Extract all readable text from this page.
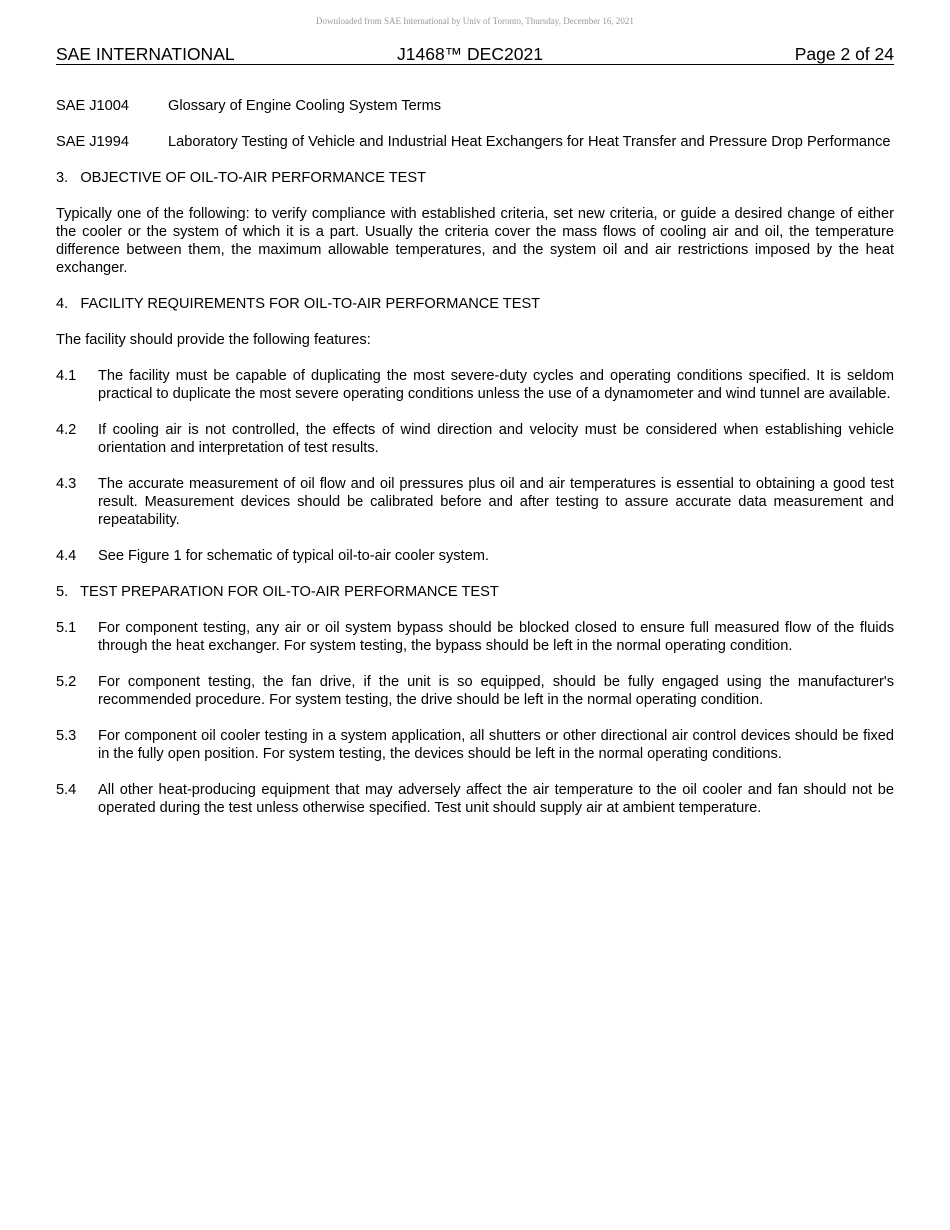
Downloaded from SAE International by Univ of Toronto, Thursday, December 16, 2021
SAE INTERNATIONAL	J1468™ DEC2021	Page 2 of 24
SAE J1004	Glossary of Engine Cooling System Terms
SAE J1994	Laboratory Testing of Vehicle and Industrial Heat Exchangers for Heat Transfer and Pressure Drop Performance
3.   OBJECTIVE OF OIL-TO-AIR PERFORMANCE TEST
Typically one of the following: to verify compliance with established criteria, set new criteria, or guide a desired change of either the cooler or the system of which it is a part. Usually the criteria cover the mass flows of cooling air and oil, the temperature difference between them, the maximum allowable temperatures, and the system oil and air restrictions imposed by the heat exchanger.
4.   FACILITY REQUIREMENTS FOR OIL-TO-AIR PERFORMANCE TEST
The facility should provide the following features:
4.1	The facility must be capable of duplicating the most severe-duty cycles and operating conditions specified. It is seldom practical to duplicate the most severe operating conditions unless the use of a dynamometer and wind tunnel are available.
4.2	If cooling air is not controlled, the effects of wind direction and velocity must be considered when establishing vehicle orientation and interpretation of test results.
4.3	The accurate measurement of oil flow and oil pressures plus oil and air temperatures is essential to obtaining a good test result. Measurement devices should be calibrated before and after testing to assure accurate data measurement and repeatability.
4.4	See Figure 1 for schematic of typical oil-to-air cooler system.
5.   TEST PREPARATION FOR OIL-TO-AIR PERFORMANCE TEST
5.1	For component testing, any air or oil system bypass should be blocked closed to ensure full measured flow of the fluids through the heat exchanger. For system testing, the bypass should be left in the normal operating condition.
5.2	For component testing, the fan drive, if the unit is so equipped, should be fully engaged using the manufacturer's recommended procedure. For system testing, the drive should be left in the normal operating condition.
5.3	For component oil cooler testing in a system application, all shutters or other directional air control devices should be fixed in the fully open position. For system testing, the devices should be left in the normal operating conditions.
5.4	All other heat-producing equipment that may adversely affect the air temperature to the oil cooler and fan should not be operated during the test unless otherwise specified. Test unit should supply air at ambient temperature.
